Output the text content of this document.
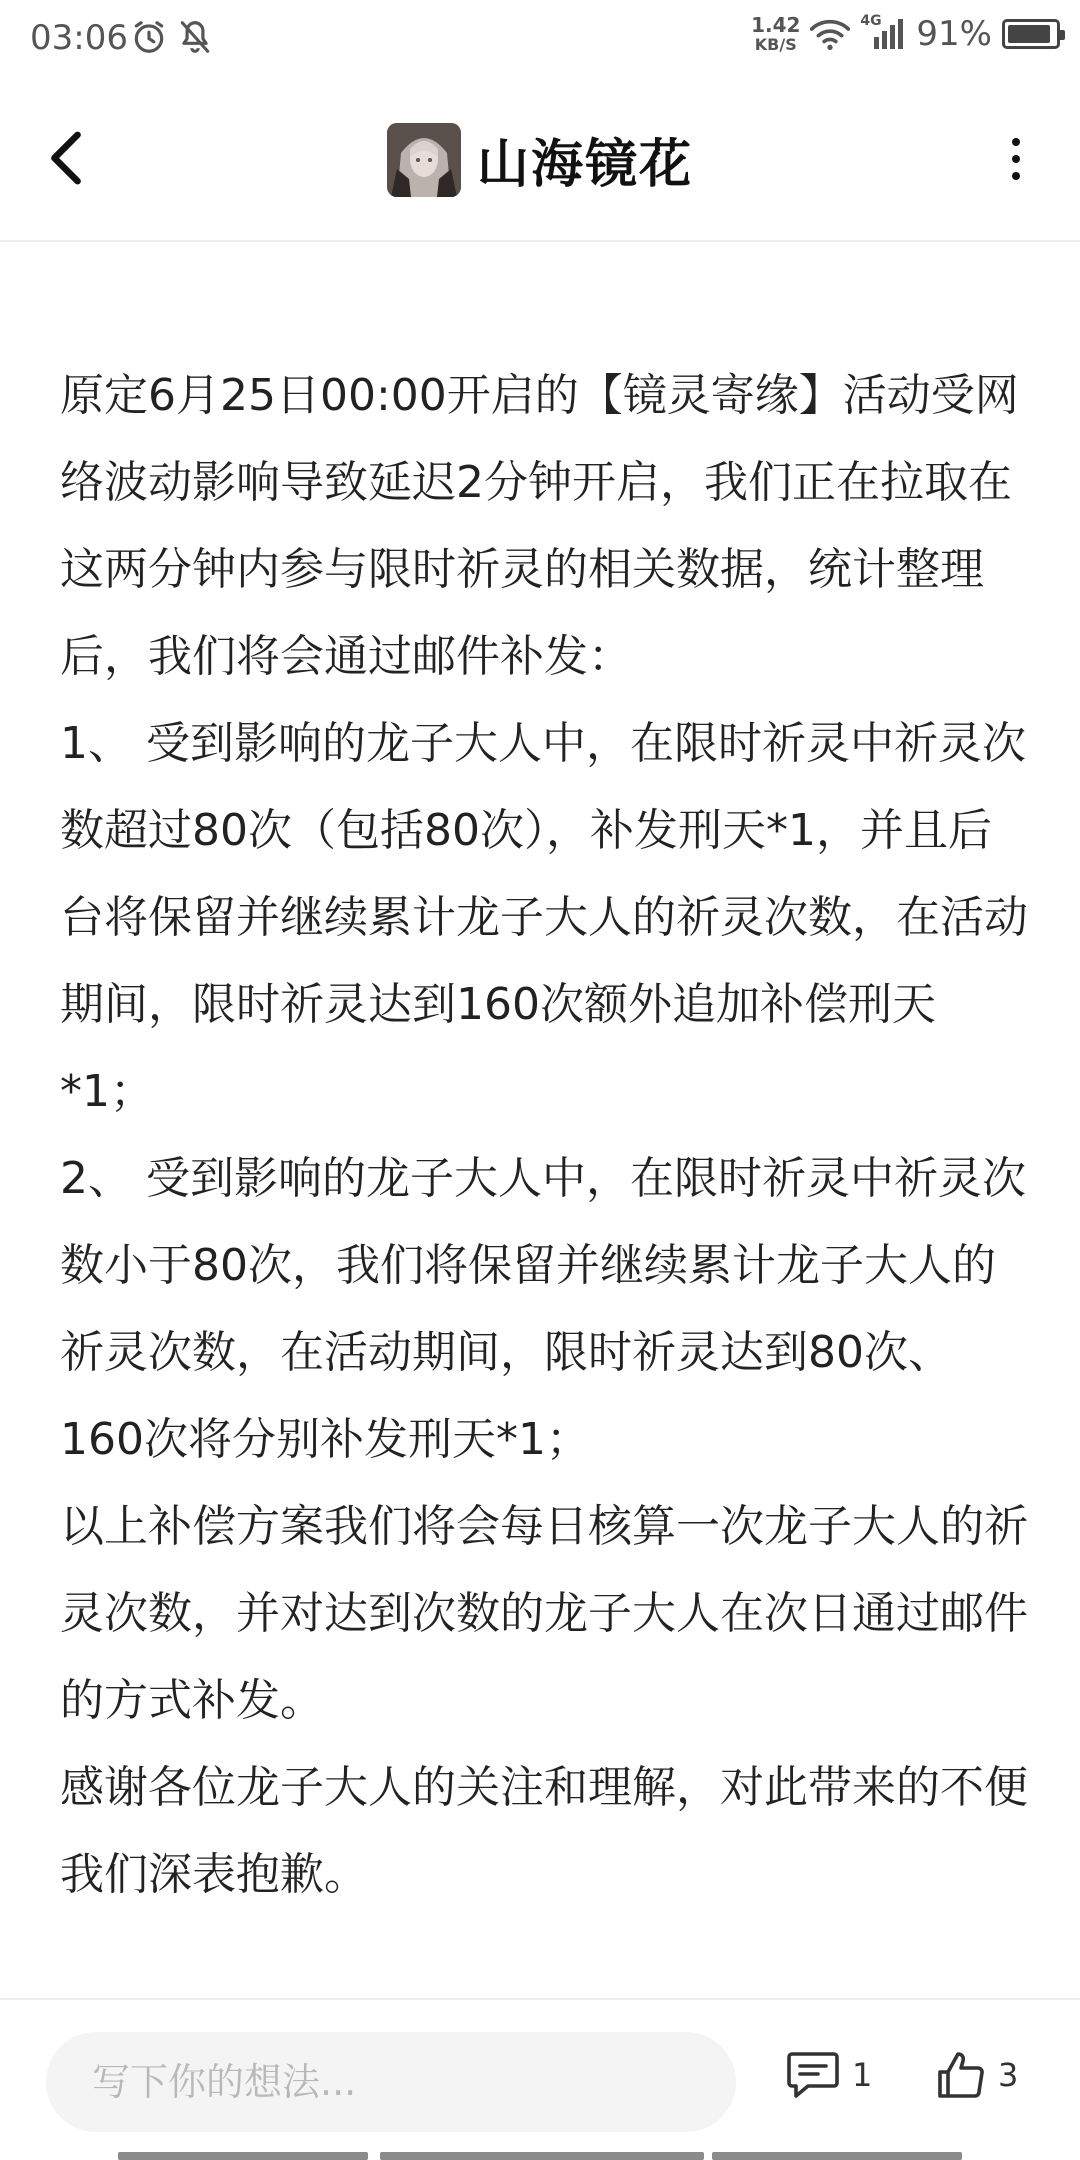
03:06	1.42
KB/S
4G 91%
山海镜花
原定6月25日00:00开启的【镜灵寄缘】活动受网络波动影响导致延迟2分钟开启，我们正在拉取在这两分钟内参与限时祈灵的相关数据，统计整理后，我们将会通过邮件补发：
1、 受到影响的龙子大人中，在限时祈灵中祈灵次数超过80次（包括80次），补发刑天*1，并且后台将保留并继续累计龙子大人的祈灵次数，在活动期间，限时祈灵达到160次额外追加补偿刑天*1；
2、 受到影响的龙子大人中，在限时祈灵中祈灵次数小于80次，我们将保留并继续累计龙子大人的祈灵次数，在活动期间，限时祈灵达到80次、160次将分别补发刑天*1；
以上补偿方案我们将会每日核算一次龙子大人的祈灵次数，并对达到次数的龙子大人在次日通过邮件的方式补发。
感谢各位龙子大人的关注和理解，对此带来的不便我们深表抱歉。
写下你的想法...
1	3
